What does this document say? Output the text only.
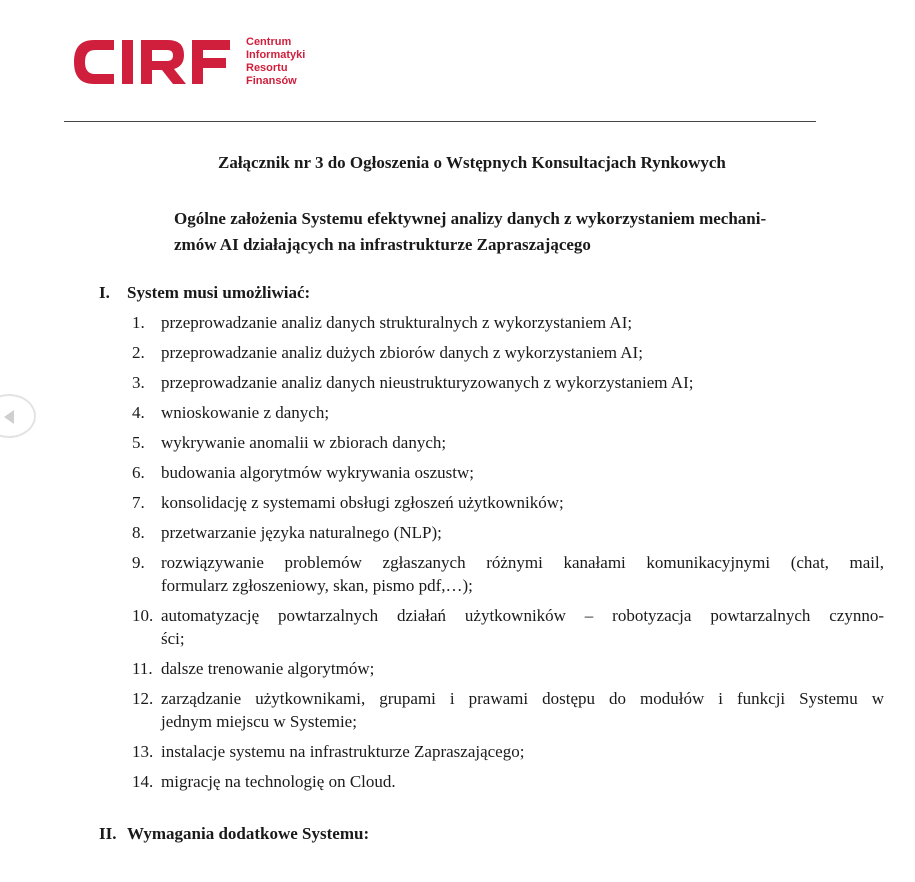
Centrum
Informatyki
Resortu
Finansów
Załącznik nr 3 do Ogłoszenia o Wstępnych Konsultacjach Rynkowych
Ogólne założenia Systemu efektywnej analizy danych z wykorzystaniem mechani-
zmów AI działających na infrastrukturze Zapraszającego
I. System musi umożliwiać:
1. przeprowadzanie analiz danych strukturalnych z wykorzystaniem AI;
2. przeprowadzanie analiz dużych zbiorów danych z wykorzystaniem AI;
3. przeprowadzanie analiz danych nieustrukturyzowanych z wykorzystaniem AI;
4. wnioskowanie z danych;
5. wykrywanie anomalii w zbiorach danych;
6. budowania algorytmów wykrywania oszustw;
7. konsolidację z systemami obsługi zgłoszeń użytkowników;
8. przetwarzanie języka naturalnego (NLP);
9. rozwiązywanie problemów zgłaszanych różnymi kanałami komunikacyjnymi (chat, mail,
formularz zgłoszeniowy, skan, pismo pdf,…);
10. automatyzację powtarzalnych działań użytkowników – robotyzacja powtarzalnych czynno-
ści;
11. dalsze trenowanie algorytmów;
12. zarządzanie użytkownikami, grupami i prawami dostępu do modułów i funkcji Systemu w
jednym miejscu w Systemie;
13. instalacje systemu na infrastrukturze Zapraszającego;
14. migrację na technologię on Cloud.
II. Wymagania dodatkowe Systemu:
